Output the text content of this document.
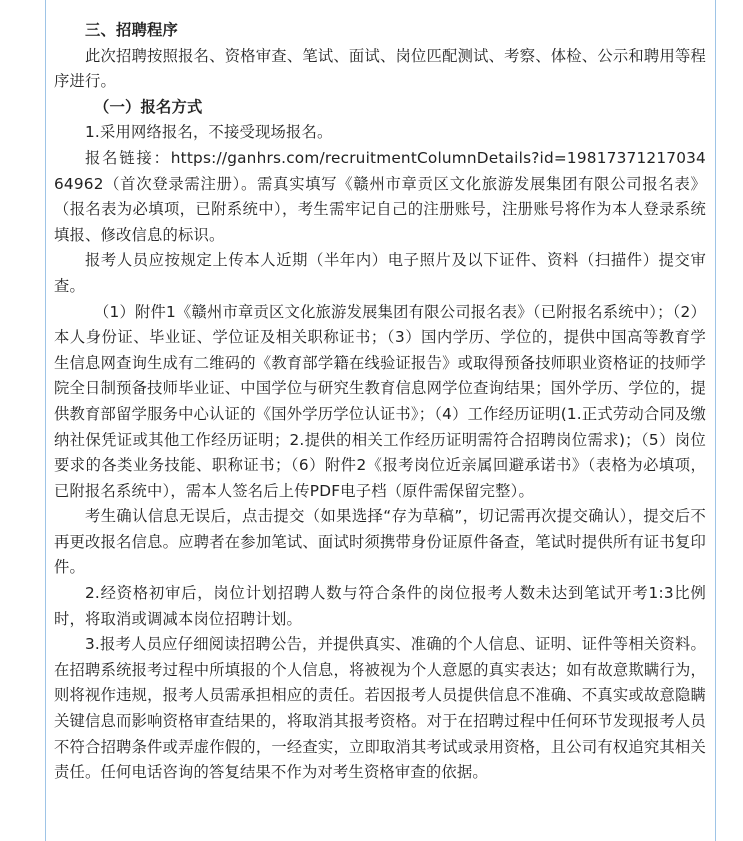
三、招聘程序

此次招聘按照报名、资格审查、笔试、面试、岗位匹配测试、考察、体检、公示和聘用等程序进行。

（一）报名方式

1.采用网络报名，不接受现场报名。

报名链接：https://ganhrs.com/recruitmentColumnDetails?id=1981737121703464962（首次登录需注册）。需真实填写《赣州市章贡区文化旅游发展集团有限公司报名表》（报名表为必填项，已附系统中），考生需牢记自己的注册账号，注册账号将作为本人登录系统填报、修改信息的标识。

报考人员应按规定上传本人近期（半年内）电子照片及以下证件、资料（扫描件）提交审查。

（1）附件1《赣州市章贡区文化旅游发展集团有限公司报名表》（已附报名系统中）；（2）本人身份证、毕业证、学位证及相关职称证书；（3）国内学历、学位的，提供中国高等教育学生信息网查询生成有二维码的《教育部学籍在线验证报告》或取得预备技师职业资格证的技师学院全日制预备技师毕业证、中国学位与研究生教育信息网学位查询结果；国外学历、学位的，提供教育部留学服务中心认证的《国外学历学位认证书》；（4）工作经历证明(1.正式劳动合同及缴纳社保凭证或其他工作经历证明；2.提供的相关工作经历证明需符合招聘岗位需求)；（5）岗位要求的各类业务技能、职称证书；（6）附件2《报考岗位近亲属回避承诺书》（表格为必填项，已附报名系统中），需本人签名后上传PDF电子档（原件需保留完整）。

考生确认信息无误后，点击提交（如果选择“存为草稿”，切记需再次提交确认），提交后不再更改报名信息。应聘者在参加笔试、面试时须携带身份证原件备查，笔试时提供所有证书复印件。

2.经资格初审后，岗位计划招聘人数与符合条件的岗位报考人数未达到笔试开考1:3比例时，将取消或调减本岗位招聘计划。

3.报考人员应仔细阅读招聘公告，并提供真实、准确的个人信息、证明、证件等相关资料。在招聘系统报考过程中所填报的个人信息，将被视为个人意愿的真实表达；如有故意欺瞒行为，则将视作违规，报考人员需承担相应的责任。若因报考人员提供信息不准确、不真实或故意隐瞒关键信息而影响资格审查结果的，将取消其报考资格。对于在招聘过程中任何环节发现报考人员不符合招聘条件或弄虚作假的，一经查实，立即取消其考试或录用资格，且公司有权追究其相关责任。任何电话咨询的答复结果不作为对考生资格审查的依据。
